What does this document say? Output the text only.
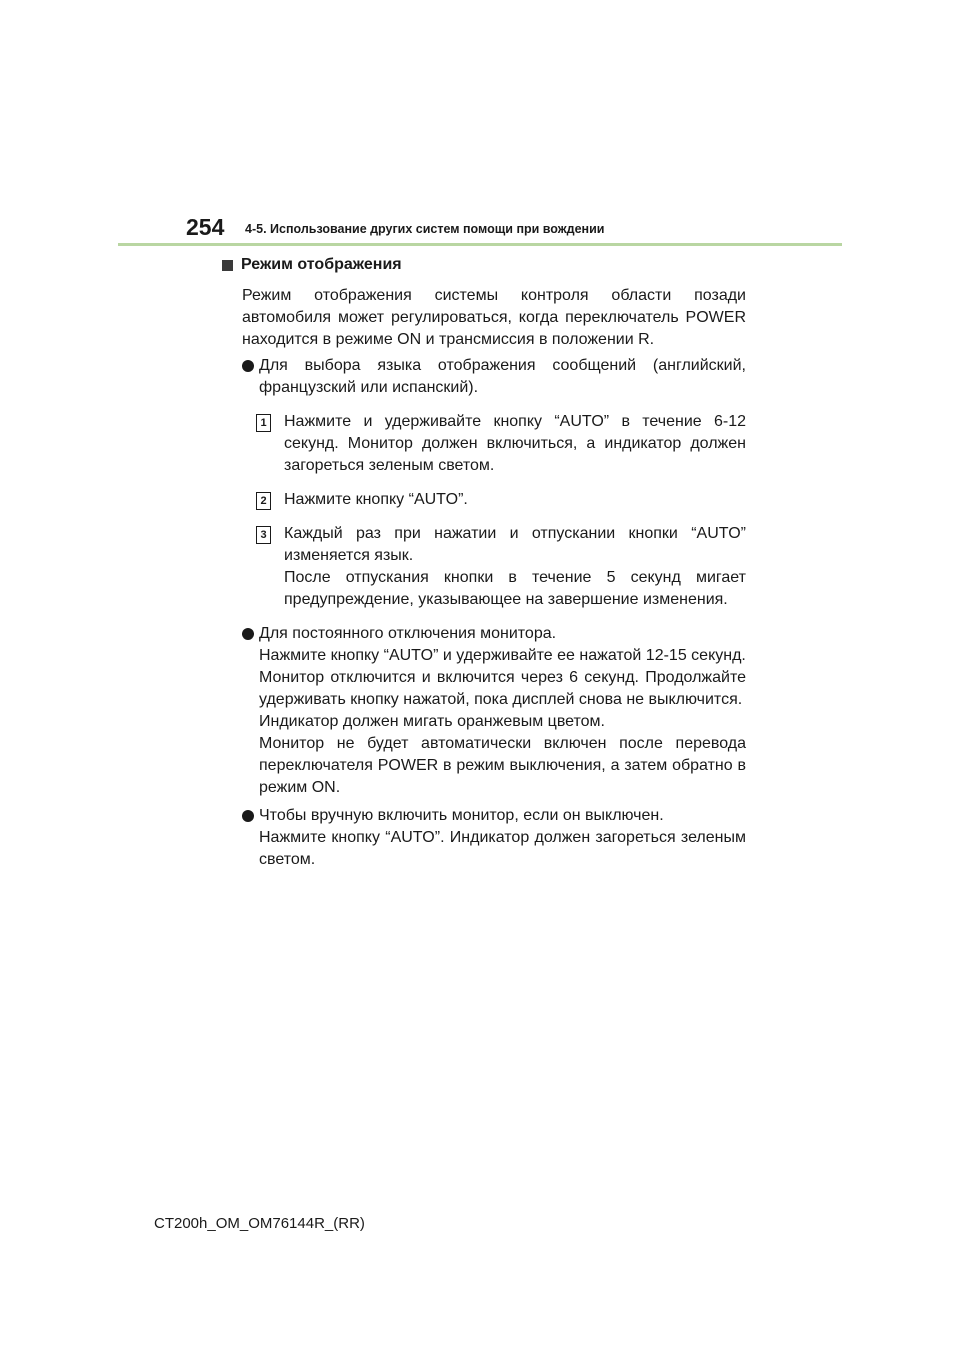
254 4-5. Использование других систем помощи при вождении
Режим отображения
Режим отображения системы контроля области позади автомобиля может регулироваться, когда переключатель POWER находится в режиме ON и трансмиссия в положении R.
Для выбора языка отображения сообщений (английский, французский или испанский).
1	Нажмите и удерживайте кнопку “AUTO” в течение 6-12 секунд. Монитор должен включиться, а индикатор должен загореться зеленым светом.
2	Нажмите кнопку “AUTO”.
3	Каждый раз при нажатии и отпускании кнопки “AUTO” изменяется язык.
После отпускания кнопки в течение 5 секунд мигает предупреждение, указывающее на завершение изменения.
Для постоянного отключения монитора.
Нажмите кнопку “AUTO” и удерживайте ее нажатой 12-15 секунд.
Монитор отключится и включится через 6 секунд. Продолжайте удерживать кнопку нажатой, пока дисплей снова не выключится.
Индикатор должен мигать оранжевым цветом.
Монитор не будет автоматически включен после перевода переключателя POWER в режим выключения, а затем обратно в режим ON.
Чтобы вручную включить монитор, если он выключен.
Нажмите кнопку “AUTO”. Индикатор должен загореться зеленым светом.
CT200h_OM_OM76144R_(RR)
